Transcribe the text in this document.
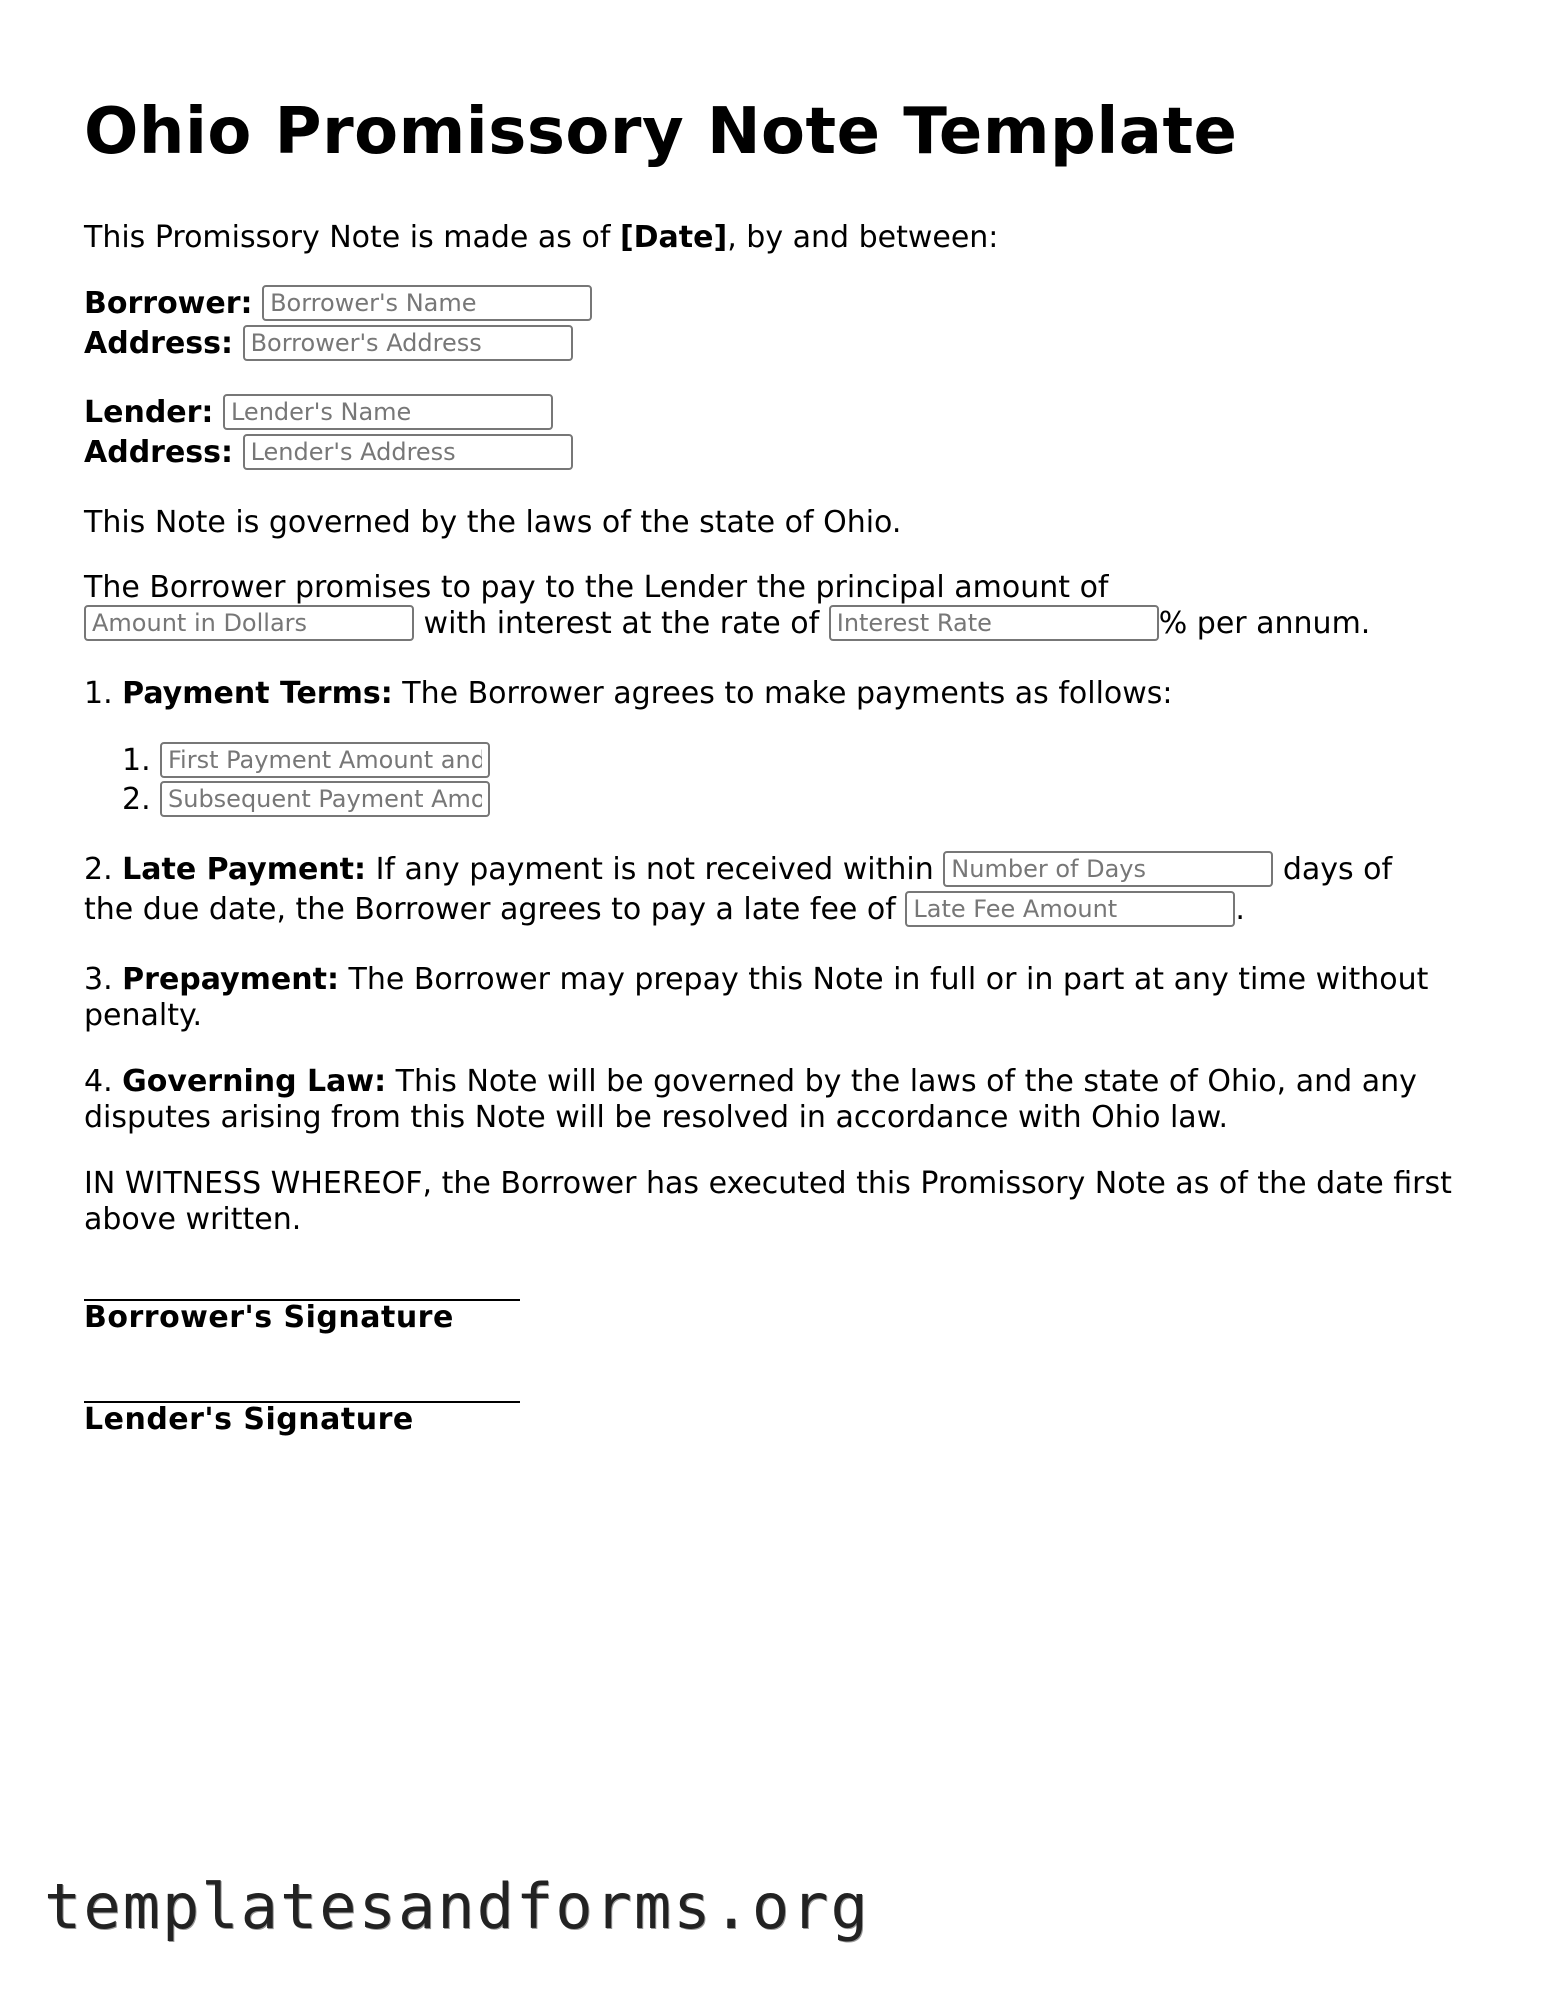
Ohio Promissory Note Template
This Promissory Note is made as of [Date], by and between:
Borrower: Borrower's Name
Address: Borrower's Address
Lender: Lender's Name
Address: Lender's Address
This Note is governed by the laws of the state of Ohio.
The Borrower promises to pay to the Lender the principal amount of
Amount in Dollars with interest at the rate of Interest Rate	% per annum.
1. Payment Terms: The Borrower agrees to make payments as follows:
1.First Payment Amount and Date
2.Subsequent Payment Amount and Dates
2. Late Payment: If any payment is not received within Number of Days	days of
the due date, the Borrower agrees to pay a late fee of Late Fee Amount	.
3. Prepayment: The Borrower may prepay this Note in full or in part at any time without penalty.
4. Governing Law: This Note will be governed by the laws of the state of Ohio, and any disputes arising from this Note will be resolved in accordance with Ohio law.
IN WITNESS WHEREOF, the Borrower has executed this Promissory Note as of the date first above written.
Borrower's Signature
Lender's Signature
templatesandforms.org
